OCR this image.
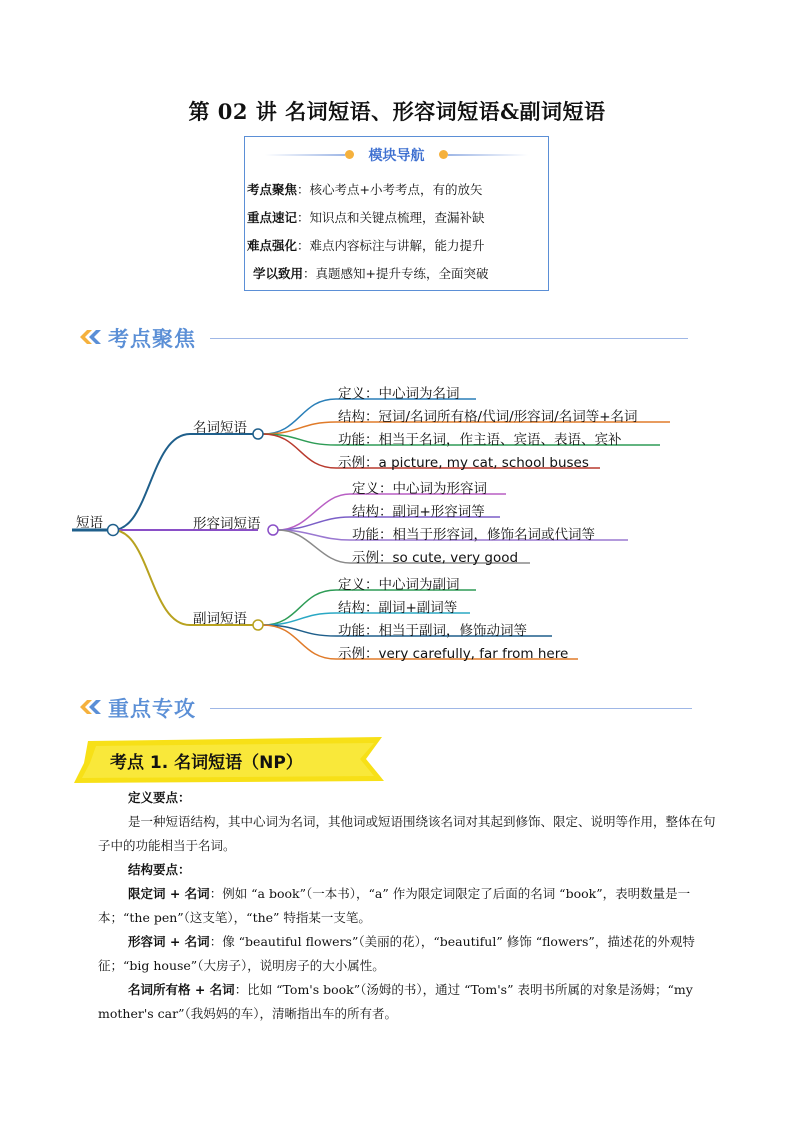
第 02 讲 名词短语、形容词短语&副词短语
模块导航
考点聚焦：核心考点+小考考点，有的放矢
重点速记：知识点和关键点梳理，查漏补缺
难点强化：难点内容标注与讲解，能力提升
学以致用：真题感知+提升专练，全面突破
考点聚焦
短语
名词短语
形容词短语
副词短语
定义：中心词为名词
结构：冠词/名词所有格/代词/形容词/名词等+名词
功能：相当于名词，作主语、宾语、表语、宾补
示例：a picture, my cat, school buses
定义：中心词为形容词
结构：副词+形容词等
功能：相当于形容词，修饰名词或代词等
示例：so cute, very good
定义：中心词为副词
结构：副词+副词等
功能：相当于副词，修饰动词等
示例：very carefully, far from here
重点专攻
考点 1. 名词短语（NP）
定义要点：
是一种短语结构，其中心词为名词，其他词或短语围绕该名词对其起到修饰、限定、说明等作用，整体在句子中的功能相当于名词。
结构要点：
限定词 + 名词：例如 “a book”（一本书），“a” 作为限定词限定了后面的名词 “book”，表明数量是一本；“the pen”（这支笔），“the” 特指某一支笔。
形容词 + 名词：像 “beautiful flowers”（美丽的花），“beautiful” 修饰 “flowers”，描述花的外观特征；“big house”（大房子），说明房子的大小属性。
名词所有格 + 名词：比如 “Tom's book”（汤姆的书），通过 “Tom's” 表明书所属的对象是汤姆；“my mother's car”（我妈妈的车），清晰指出车的所有者。
